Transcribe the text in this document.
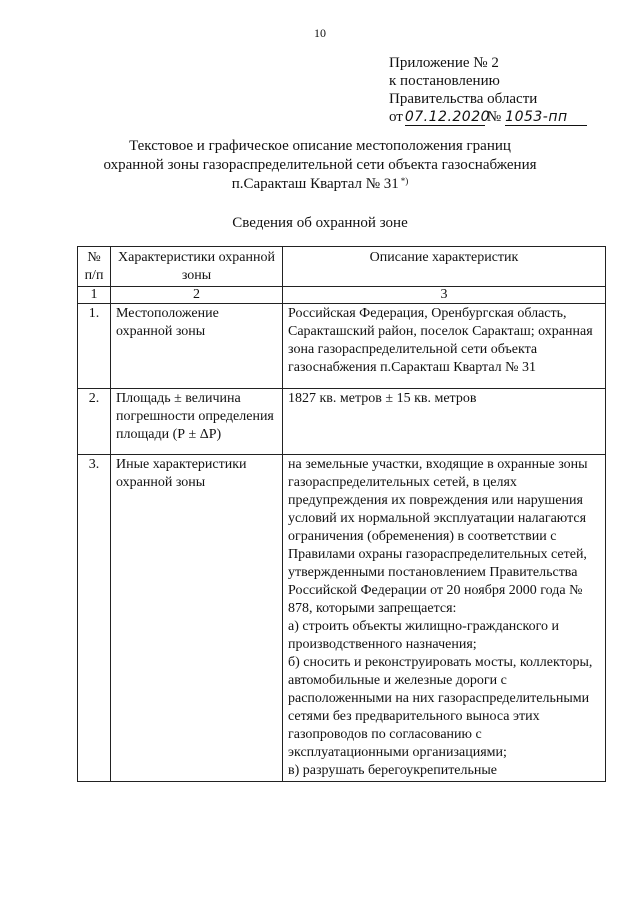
10
Приложение № 2
к постановлению
Правительства области
от 07.12.2020
№ 1053-пп
Текстовое и графическое описание местоположения границ
охранной зоны газораспределительной сети объекта газоснабжения
п.Саракташ Квартал № 31 *)
Сведения об охранной зоне
№ п/п	Характеристики охранной зоны	Описание характеристик
1	2	3
1.	Местоположение охранной зоны	Российская Федерация, Оренбургская область, Саракташский район, поселок Саракташ; охранная зона газораспределительной сети объекта газоснабжения п.Саракташ Квартал № 31

2.	Площадь ± величина погрешности определения площади (Р ± ΔР)	1827 кв. метров ± 15 кв. метров

3.	Иные характеристики охранной зоны	на земельные участки, входящие в охранные зоны газораспределительных сетей, в целях предупреждения их повреждения или нарушения условий их нормальной эксплуатации налагаются ограничения (обременения) в соответствии с Правилами охраны газораспределительных сетей, утвержденными постановлением Правительства Российской Федерации от 20 ноября 2000 года № 878, которыми запрещается:
а) строить объекты жилищно-гражданского и производственного назначения;
б) сносить и реконструировать мосты, коллекторы, автомобильные и железные дороги с расположенными на них газораспределительными сетями без предварительного выноса этих газопроводов по согласованию с эксплуатационными организациями;
в) разрушать берегоукрепительные
